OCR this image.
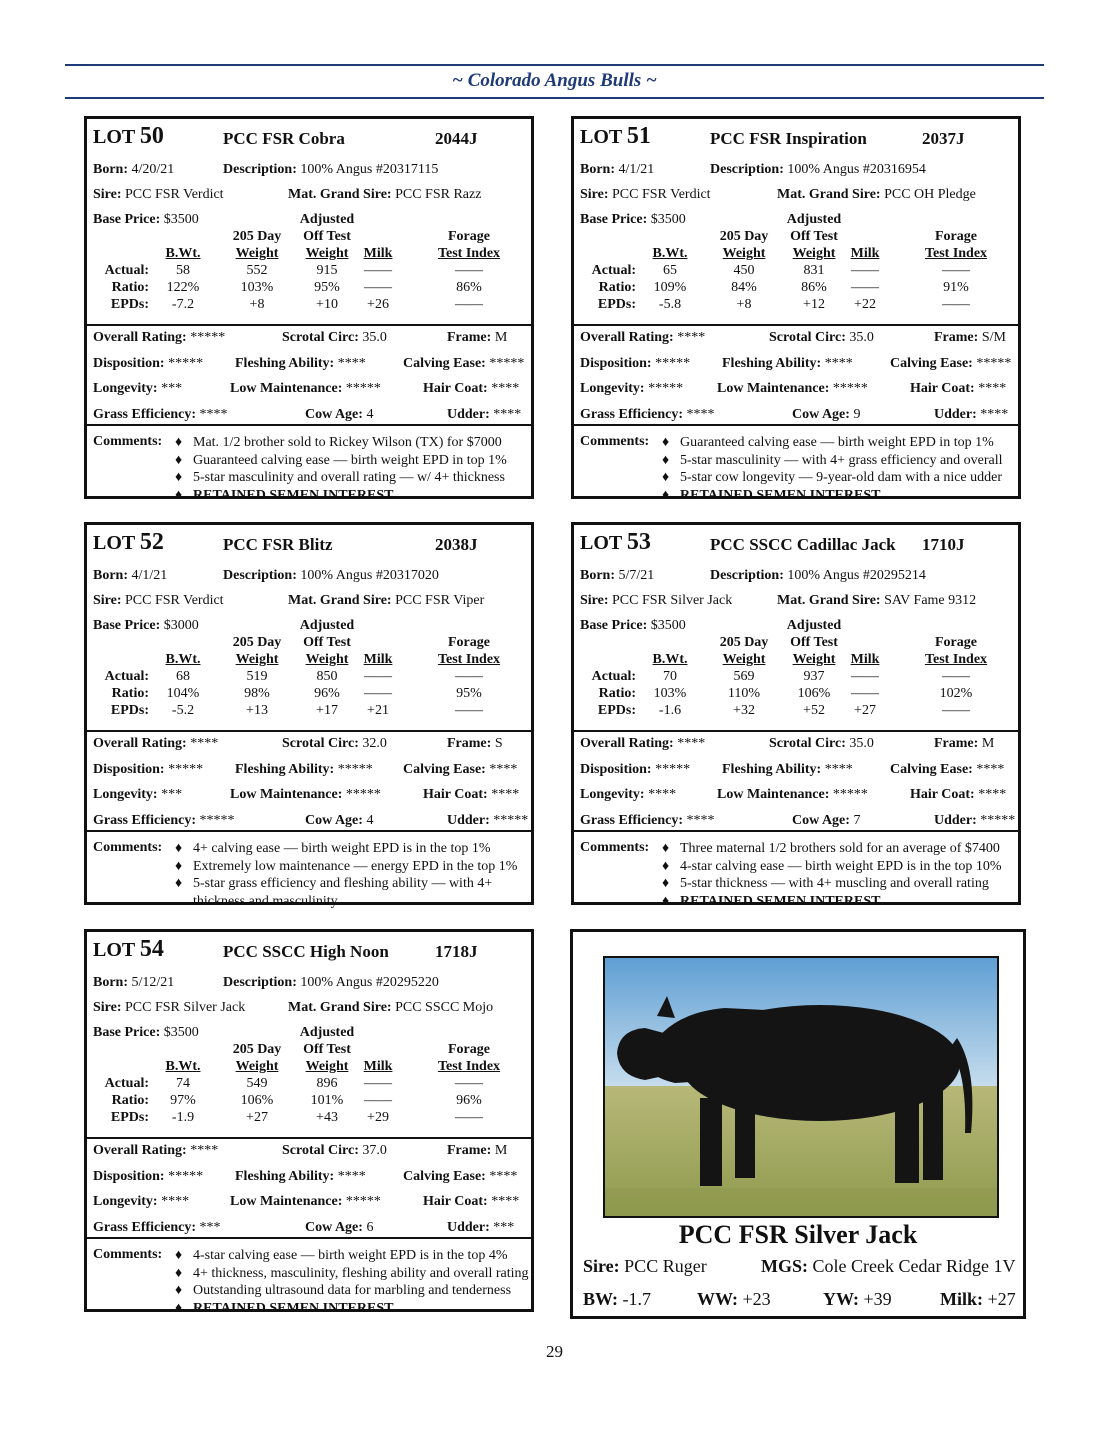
~ Colorado Angus Bulls ~
LOT 50	PCC FSR Cobra	2044J
Born: 4/20/21	Description: 100% Angus #20317115
Sire: PCC FSR Verdict	Mat. Grand Sire: PCC FSR Razz
Base Price: $3500	Adjusted
205 Day	Off Test	Forage
B.Wt.	Weight	Weight	Milk	Test Index
Actual:	58	552	915	——	——
Ratio:	122%	103%	95%	——	86%
EPDs:	-7.2	+8	+10	+26	——
Overall Rating: *****	Scrotal Circ: 35.0	Frame: M
Disposition: ***** Fleshing Ability: ****	Calving Ease: *****
Longevity: ***	Low Maintenance: *****	Hair Coat: ****
Grass Efficiency: ****	Cow Age: 4	Udder: ****
Comments: ♦ Mat. 1/2 brother sold to Rickey Wilson (TX) for $7000
♦ Guaranteed calving ease — birth weight EPD in top 1%
♦ 5-star masculinity and overall rating — w/ 4+ thickness
♦ RETAINED SEMEN INTEREST
LOT 51	PCC FSR Inspiration	2037J
Born: 4/1/21	Description: 100% Angus #20316954
Sire: PCC FSR Verdict	Mat. Grand Sire: PCC OH Pledge
Base Price: $3500	Adjusted
205 Day	Off Test	Forage
B.Wt.	Weight	Weight	Milk	Test Index
Actual:	65	450	831	——	——
Ratio:	109%	84%	86%	——	91%
EPDs:	-5.8	+8	+12	+22	——
Overall Rating: ****	Scrotal Circ: 35.0	Frame: S/M
Disposition: ***** Fleshing Ability: ****	Calving Ease: *****
Longevity: ***** Low Maintenance: *****	Hair Coat: ****
Grass Efficiency: ****	Cow Age: 9	Udder: ****
Comments: ♦ Guaranteed calving ease — birth weight EPD in top 1%
♦ 5-star masculinity — with 4+ grass efficiency and overall
♦ 5-star cow longevity — 9-year-old dam with a nice udder
♦ RETAINED SEMEN INTEREST
LOT 52	PCC FSR Blitz	2038J
Born: 4/1/21	Description: 100% Angus #20317020
Sire: PCC FSR Verdict	Mat. Grand Sire: PCC FSR Viper
Base Price: $3000	Adjusted
205 Day	Off Test	Forage
B.Wt.	Weight	Weight	Milk	Test Index
Actual:	68	519	850	——	——
Ratio:	104%	98%	96%	——	95%
EPDs:	-5.2	+13	+17	+21	——
Overall Rating: ****	Scrotal Circ: 32.0	Frame: S
Disposition: ***** Fleshing Ability: ***** Calving Ease: ****
Longevity: ***	Low Maintenance: *****	Hair Coat: ****
Grass Efficiency: *****	Cow Age: 4	Udder: *****
Comments: ♦ 4+ calving ease — birth weight EPD is in the top 1%
♦ Extremely low maintenance — energy EPD in the top 1%
♦ 5-star grass efficiency and fleshing ability — with 4+ thickness and masculinity
LOT 53	PCC SSCC Cadillac Jack 1710J
Born: 5/7/21	Description: 100% Angus #20295214
Sire: PCC FSR Silver Jack	Mat. Grand Sire: SAV Fame 9312
Base Price: $3500	Adjusted
205 Day	Off Test	Forage
B.Wt.	Weight	Weight	Milk	Test Index
Actual:	70	569	937	——	——
Ratio:	103%	110%	106%	——	102%
EPDs:	-1.6	+32	+52	+27	——
Overall Rating: ****	Scrotal Circ: 35.0	Frame: M
Disposition: ***** Fleshing Ability: ****	Calving Ease: ****
Longevity: ****	Low Maintenance: *****	Hair Coat: ****
Grass Efficiency: ****	Cow Age: 7	Udder: *****
Comments: ♦ Three maternal 1/2 brothers sold for an average of $7400
♦ 4-star calving ease — birth weight EPD is in the top 10%
♦ 5-star thickness — with 4+ muscling and overall rating
♦ RETAINED SEMEN INTEREST
LOT 54	PCC SSCC High Noon	1718J
Born: 5/12/21	Description: 100% Angus #20295220
Sire: PCC FSR Silver Jack	Mat. Grand Sire: PCC SSCC Mojo
Base Price: $3500	Adjusted
205 Day	Off Test	Forage
B.Wt.	Weight	Weight	Milk	Test Index
Actual:	74	549	896	——	——
Ratio:	97%	106%	101%	——	96%
EPDs:	-1.9	+27	+43	+29	——
Overall Rating: ****	Scrotal Circ: 37.0	Frame: M
Disposition: ***** Fleshing Ability: ****	Calving Ease: ****
Longevity: ****	Low Maintenance: *****	Hair Coat: ****
Grass Efficiency: ***	Cow Age: 6	Udder: ***
Comments: ♦ 4-star calving ease — birth weight EPD is in the top 4%
♦ 4+ thickness, masculinity, fleshing ability and overall rating
♦ Outstanding ultrasound data for marbling and tenderness
♦ RETAINED SEMEN INTEREST
PCC FSR Silver Jack
Sire: PCC Ruger	MGS: Cole Creek Cedar Ridge 1V
BW: -1.7	WW: +23	YW: +39	Milk: +27
29
